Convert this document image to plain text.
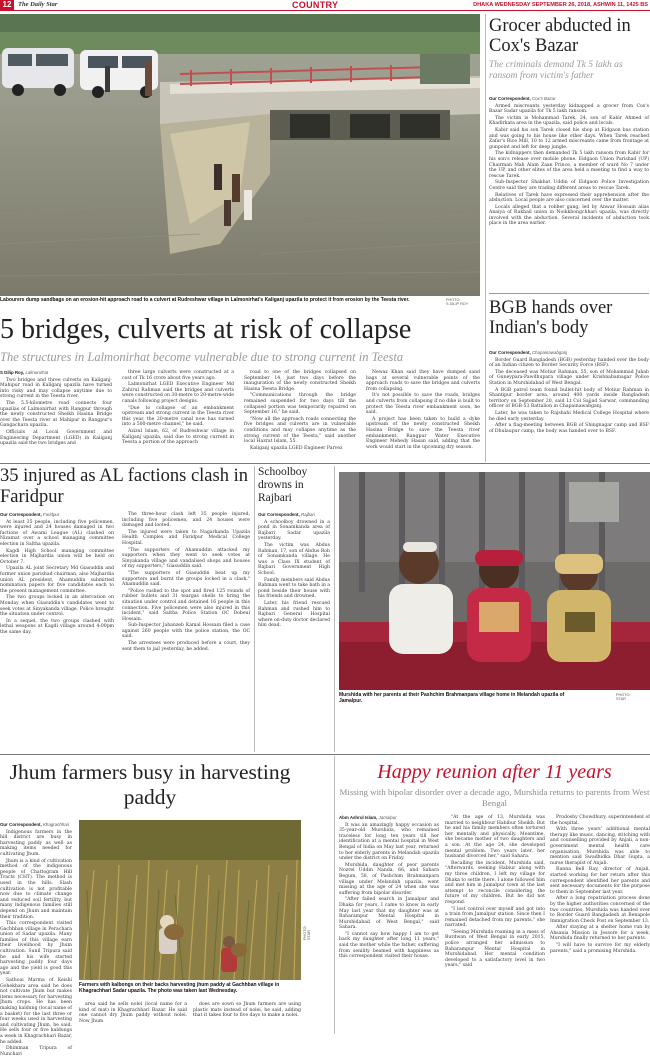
12	The Daily Star	COUNTRY	DHAKA WEDNESDAY SEPTEMBER 26, 2018, ASHWIN 11, 1425 BS
Labourers dump sandbags on an erosion-hit approach road to a culvert at Rudreshwar village in Lalmonirhat's Kaliganj upazila to protect it from erosion by the Teesta river.	PHOTO:
S DILIP ROY
5 bridges, culverts at risk of collapse
The structures in Lalmonirhat become vulnerable due to strong current in Teesta
S Dilip Roy, Lalmonirhat

Two bridges and three culverts on Kaliganj-Mahipur road in Kaliganj upazila have turned into risky and may collapse anytime due to strong current in the Teesta river.

The 5.5-kilometre road connects four upazilas of Lalmonirhat with Rangpur through the newly constructed Sheikh Hasina Bridge over the Teesta river at Mahipur in Rangpur's Gangachara upazila.

Officials at Local Government and Engineering Department (LGED) in Kaliganj upazila said the two bridges and

three large culverts were constructed at a cost of Tk 16 crore about five years ago.

Lalmonirhat LGED Executive Engineer Md Zahirul Rahman said the bridges and culverts were constructed on 30-metre to 20-metre-wide canals following project designs.

"Due to collapse of an embankment upstream and strong current in the Teesta river this year, the 20-metre canal now has turned into a 500-metre channel," he said.

Azizul Islam, 62, of Rudreshwar village in Kaliganj upazila, said due to strong current in Teesta a portion of the approach

road to one of the bridges collapsed on September 14, just two days before the inauguration of the newly constructed Sheikh Hasina Teesta Bridge.

"Communications through the bridge remained suspended for two days till the collapsed portion was temporarily repaired on September 16," he said.

"Now all the approach roads connecting the five bridges and culverts are in vulnerable conditions and may collapse anytime as the strong current of the Teesta," said another local Hazrat Islam, 55.

Kaliganj upazila LGED Engineer Parvez

Newaz Khan said they have dumped sand bags at several vulnerable points of the approach roads to save the bridges and culverts from collapsing.

It's not possible to save the roads, bridges and culverts from collapsing if no dike is built to protect the Teesta river embankment soon, he said.

A project has been taken to build a dyke upstream of the newly constructed Sheikh Hasina Bridge to save the Teesta river embankment, Rangpur Water Executive Engineer Mehedy Hasan said, adding that the work would start in the upcoming dry season.

Grocer abducted in Cox's Bazar
The criminals demand Tk 5 lakh as ransom from victim's father
Our Correspondent, Cox's Bazar

Armed miscreants yesterday kidnapped a grocer from Cox's Bazar Sadar upazila for Tk 5 lakh ransom.

The victim is Mohammad Tarek, 24, son of Kabir Ahmed of Khadirkata area in the upazila, said police and locals.

Kabir said his son Tarek closed his shop at Eidgaon bus station and was going to his house like other days. When Tarek reached Zafar's Rice Mill, 10 to 12 armed miscreants came from frontage at gunpoint and left for deep jungle.

The kidnappers then demanded Tk 5 lakh ransom from Kabir for his son's release over mobile phone. Eidgaon Union Parishad (UP) Chairman Mah Alam Zaan Prince, a member of ward No 7 under the UP, and other elites of the area held a meeting to find a way to rescue Tarek.

Sub-Inspector Shakhat Uddin of Eidgaon Police Investigation Centre said they are trading different areas to rescue Tarek.

Relatives of Tarek have expressed their apprehension after the abduction. Local people are also concerned over the matter.

Locals alleged that a robber gang, led by Anwar Hossain alias Anaiya of Rakhail union in Noikkhongchhari upazila, was directly involved with the abduction. Several incidents of abduction took place in the area earlier.

BGB hands over Indian's body
Our Correspondent, Chapainawabganj

Border Guard Bangladesh (BGB) yesterday handed over the body of an Indian citizen to Border Security Force (BSF).

The deceased was Motiur Rahman, 55, son of Mohammad Jubab of Guneypara-Pawdhupara village under Krishnabamagar Police Station in Murshidabad of West Bengal.

A BGB patrol team found bullet-hit body of Motiur Rahman in Shantipur border area, around 400 yards inside Bangladesh territory on September 20, said Lt Col Sajjad Sarwar, commanding officer of BGB-53 Battalion in Chapainawabganj.

Later, he was taken to Rajshahi Medical College Hospital where he died early yesterday.

After a flag-meeting between BGB of Shingnagar camp and BSF of Dhulaupur camp, the body was handed over to BSF.

35 injured as AL factions clash in Faridpur
Our Correspondent, Faridpur

At least 35 people, including five policemen, were injured and 24 houses damaged in two factions of Awami League (AL) clashed on Nizamat over a school managing committee election in Saltha upazila.

Kagdi High School managing committee election in Majhardia union will be held on October 7.

Upazila AL joint Secretary Md Giasuddin and former union parishad chairman, also Majhardia union AL president, Ahamuddin submitted nomination papers for five candidates each to the present management committee.

The two groups locked in an altercation on Monday when Giasuddin's candidates went to seek votes at Sinyakanda village. Police brought the situation under control.

In a sequel, the two groups clashed with lethal weapons at Kagdi village around 4:00pm the same day.

The three-hour clash left 35 people injured, including five policemen, and 24 houses were damaged and looted.

The injured were taken to Nagarkanda Upazila Health Complex and Faridpur Medical College Hospital.

"The supporters of Ahamuddin attacked my supporters when they went to seek votes at Sinyakanda village and vandalised shops and houses of my supporters," Giasuddin said.

"The supporters of Giasuddin beat up my supporters and burnt the groups locked in a clash," Ahamuddin said.

"Police rushed to the spot and fired 125 rounds of rubber bullets and 31 teargas shells to bring the situation under control and detained 16 people in this connection. Five policemen were also injured in this incident," said Saltha Police Station OC Dobeul Hossain.

Sub-Inspector Jahanzeb Kamal Hossain filed a case against 260 people with the police station, the OC said.

The arrestees were produced before a court, they sent them to jail yesterday, he added.

Schoolboy drowns in Rajbari
Our Correspondent, Rajbari

A schoolboy drowned in a pond in Sonamkanda area of Rajbari Sadar upazila yesterday.

The victim was Abdus Rahman, 17, son of Abdus Rob of Sonamkanda village. He was a Class IX student of Rajbari Government High School.

Family members said Abdus Rahman went to take bath in a pond beside their house with his friends and drowned.

Later, his friend rescued Rahman and rushed him to Rajbari General Hospital where on-duty doctor declared him dead.

Murshida with her parents at their Pashchim Brahmanpara village home in Melandah upazila of Jamalpur.
PHOTO:
STAR
Jhum farmers busy in harvesting paddy
Our Correspondent, Khagrachhari

Indigenous farmers in the hill district are busy in harvesting paddy as well as making items needed for cultivating Jhum.

Jhum is a kind of cultivation method of the indigenous people of Chattogram Hill Tracts (CHT). The method is used in the hills. Slash cultivation is not profitable now due to climate change and reduced soil fertility, but many indigenous families still depend on Jhum and maintain their tradition.

This correspondent visited Gachhban village in Perachara union of Sadar upazila. Many families of this village earn their livelihood by Jhum cultivation. Sunil Tripura said he and his wife started harvesting paddy four days ago and the yield is good this year.

Sathoai Marma of Keishi Gohekhara area said he does not cultivate Jhum but makes items necessary for harvesting Jhum crops. He has been making kaldung (local name of a basket) for the last three or four weeks used in harvesting and cultivating Jhum, he said. He sells four or five kaldungs a week in Khagrachhari Bazar, he added.

Dhimman Tripura of Nunchari

PHOTO:
STAR
Farmers with kalbongs on their backs harvesting jhum paddy at Gachhban village in Khagrachhari Sadar upazila. The photo was taken last Wednesday.

area said he sells nolei (local name for a kind of mat) in Khagrachhari Bazar. He said one cannot dry Jhum paddy without nolei. Now Jhum

does are sown so Jhum farmers are using plastic mats instead of nolei, he said, adding that it takes four to five days to make a nolei.

Happy reunion after 11 years
Missing with bipolar disorder over a decade ago, Murshida returns to parents from West Bengal
Abm Ashrul Islam, Jamalpur

It was an amazingly happy occasion as 35-year-old Murshida, who remained traceless for long ten years till her identification at a mental hospital in West Bengal of India on May last year, returned to her elderly parents in Melandah upazila under the district on Friday.

Murshida, daughter of poor parents Nozrel Uddin Nanda, 66, and Sahara Begum, 58, of Pashchim Brahmanpara village under Melandah upazila, went missing at the age of 24 when she was suffering from bipolar disorder.

"After failed search in Jamalpur and Dhaka for years, I came to know in early May last year that my daughter was at Baharampur Mental Hospital in Murshidabad of West Bengal," said Sahara.

"I cannot say how happy I am to get back my daughter after long 11 years," said the mother while the father, suffering from senility beamed with happiness as this correspondent visited their house.

"At the age of 13, Murshida was married to neighbour Habibur Sheikh. But he and his family members often tortured her mentally and physically. Meantime, she became mother of two daughters and a son. At the age 24, she developed mental problem. Two years later, her husband divorced her," said Sahara.

Recalling the incident, Murshida said, "Afterwards, seeking Habiur along with my three children, I left my village for Dhaka to settle there. I alone followed him and met him in Jamalpur town at the last attempt to reconcile considering the future of my children. But he did not respond.

"I lost control over myself and got into a train from Jamalpur station. Since then I remained detached from my parents," she narrated.

"Seeing Murshida roaming in a mess of Burdwan of West Bengal in early 2015, police arranged her admission to Baharampur Mental Hospital in Murshidabad. Her mental condition developed to a satisfactory level in two years," said

Prodoshy Chowdhury, superintendent of the hospital.

With three years' additional mental therapy like music, dancing, stitching with and counselling provided by Anjali, a non-government mental health care organisation, Murshida was able to mention said Swadhidka Dhar Gupta, a nurse therapist of Anjali.

Ranna Bell Ray, director of Anjali, started working for her return after this correspondent identified her parents and sent necessary documents for the purpose to them in September last year.

After a long repatriation process done by the higher authorities concerned of the two countries, Murshida was handed over to Border Guard Bangladesh at Benapole Immigration Check Post on September 13.

After staying at a shelter home run by Ahsania Mission in Jessore for a week, Murshida finally returned to her parents.

"I will have to survive for my elderly parents," said a promising Murshida.
